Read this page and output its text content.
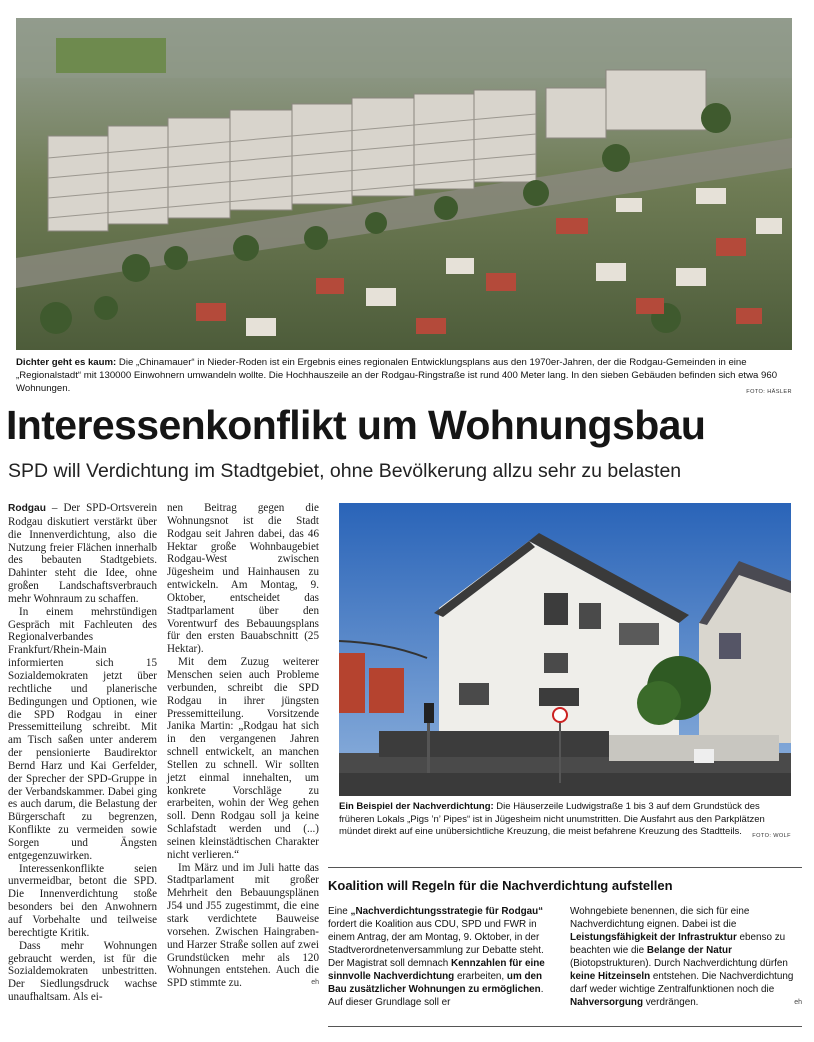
Dichter geht es kaum: Die „Chinamauer“ in Nieder-Roden ist ein Ergebnis eines regionalen Entwicklungsplans aus den 1970er-Jahren, der die Rodgau-Gemeinden in eine „Regionalstadt“ mit 130000 Einwohnern umwandeln wollte. Die Hochhauszeile an der Rodgau-Ringstraße ist rund 400 Meter lang. In den sieben Gebäuden befinden sich etwa 960 Wohnungen.	FOTO: HÄSLER
Interessenkonflikt um Wohnungsbau
SPD will Verdichtung im Stadtgebiet, ohne Bevölkerung allzu sehr zu belasten

Rodgau – Der SPD-Ortsverein Rodgau diskutiert verstärkt über die Innenverdichtung, also die Nutzung freier Flächen innerhalb des bebauten Stadtgebiets. Dahinter steht die Idee, ohne großen Landschaftsverbrauch mehr Wohnraum zu schaffen.

In einem mehrstündigen Gespräch mit Fachleuten des Regionalverbandes Frankfurt/Rhein-Main informierten sich 15 Sozialdemokraten jetzt über rechtliche und planerische Bedingungen und Optionen, wie die SPD Rodgau in einer Pressemitteilung schreibt. Mit am Tisch saßen unter anderem der pensionierte Baudirektor Bernd Harz und Kai Gerfelder, der Sprecher der SPD-Gruppe in der Verbandskammer. Dabei ging es auch darum, die Belastung der Bürgerschaft zu begrenzen, Konflikte zu vermeiden sowie Sorgen und Ängsten entgegenzuwirken.

Interessenkonflikte seien unvermeidbar, betont die SPD. Die Innenverdichtung stoße besonders bei den Anwohnern auf Vorbehalte und teilweise berechtigte Kritik.

Dass mehr Wohnungen gebraucht werden, ist für die Sozialdemokraten unbestritten. Der Siedlungsdruck wachse unaufhaltsam. Als ei-

nen Beitrag gegen die Wohnungsnot ist die Stadt Rodgau seit Jahren dabei, das 46 Hektar große Wohnbaugebiet Rodgau-West zwischen Jügesheim und Hainhausen zu entwickeln. Am Montag, 9. Oktober, entscheidet das Stadtparlament über den Vorentwurf des Bebauungsplans für den ersten Bauabschnitt (25 Hektar).

Mit dem Zuzug weiterer Menschen seien auch Probleme verbunden, schreibt die SPD Rodgau in ihrer jüngsten Pressemitteilung. Vorsitzende Janika Martin: „Rodgau hat sich in den vergangenen Jahren schnell entwickelt, an manchen Stellen zu schnell. Wir sollten jetzt einmal innehalten, um konkrete Vorschläge zu erarbeiten, wohin der Weg gehen soll. Denn Rodgau soll ja keine Schlafstadt werden und (...) seinen kleinstädtischen Charakter nicht verlieren.“

Im März und im Juli hatte das Stadtparlament mit großer Mehrheit den Bebauungsplänen J54 und J55 zugestimmt, die eine stark verdichtete Bauweise vorsehen. Zwischen Haingraben- und Harzer Straße sollen auf zwei Grundstücken mehr als 120 Wohnungen entstehen. Auch die SPD stimmte zu.	eh

Ein Beispiel der Nachverdichtung: Die Häuserzeile Ludwigstraße 1 bis 3 auf dem Grundstück des früheren Lokals „Pigs ’n’ Pipes“ ist in Jügesheim nicht unumstritten. Die Ausfahrt aus den Parkplätzen mündet direkt auf eine unübersichtliche Kreuzung, die meist befahrene Kreuzung des Stadtteils. FOTO: WOLF
Koalition will Regeln für die Nachverdichtung aufstellen
Eine „Nachverdichtungsstrategie für Rodgau“ fordert die Koalition aus CDU, SPD und FWR in einem Antrag, der am Montag, 9. Oktober, in der Stadtverordnetenversammlung zur Debatte steht. Der Magistrat soll demnach Kennzahlen für eine sinnvolle Nachverdichtung erarbeiten, um den Bau zusätzlicher Wohnungen zu ermöglichen. Auf dieser Grundlage soll er
Wohngebiete benennen, die sich für eine Nachverdichtung eignen. Dabei ist die Leistungsfähigkeit der Infrastruktur ebenso zu beachten wie die Belange der Natur (Biotopstrukturen). Durch Nachverdichtung dürfen keine Hitzeinseln entstehen. Die Nachverdichtung darf weder wichtige Zentralfunktionen noch die Nahversorgung verdrängen.	eh
